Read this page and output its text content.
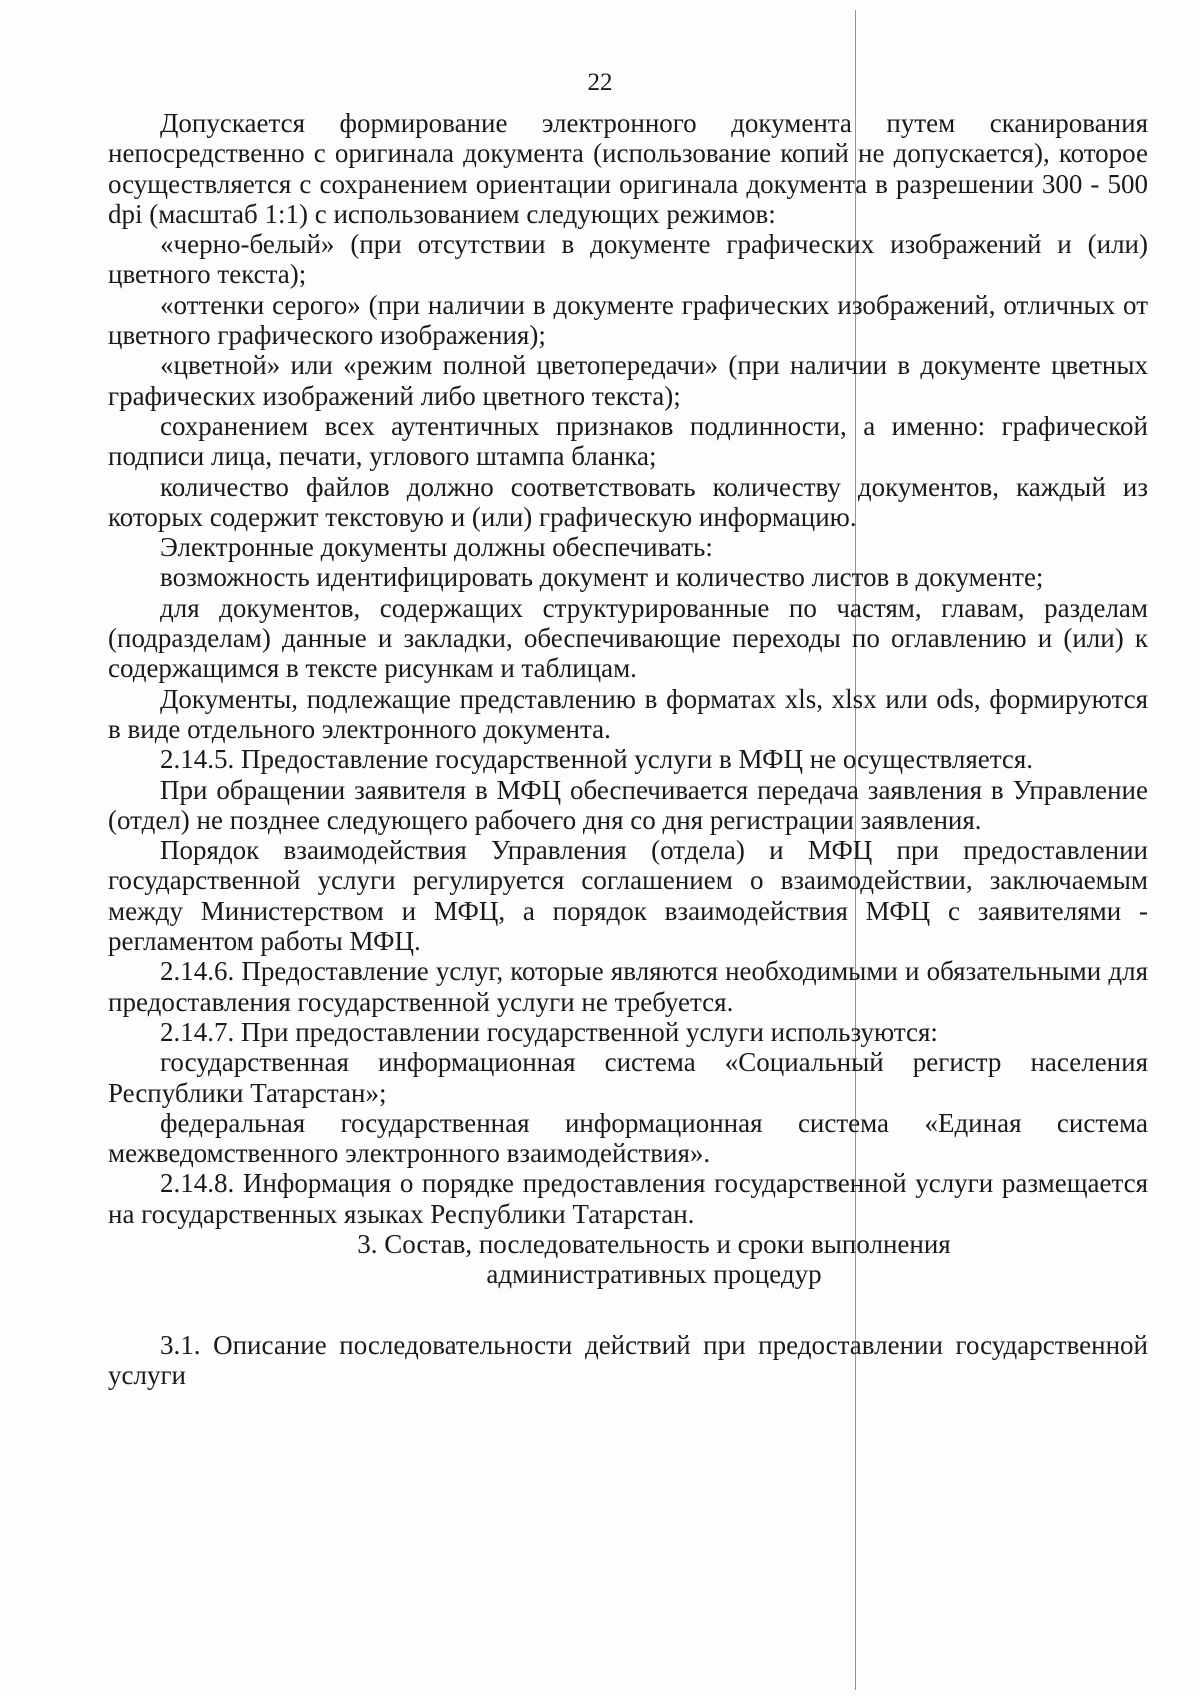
22

Допускается формирование электронного документа путем сканирования непосредственно с оригинала документа (использование копий не допускается), которое осуществляется с сохранением ориентации оригинала документа в разрешении 300 - 500 dpi (масштаб 1:1) с использованием следующих режимов:

«черно-белый» (при отсутствии в документе графических изображений и (или) цветного текста);

«оттенки серого» (при наличии в документе графических изображений, отличных от цветного графического изображения);

«цветной» или «режим полной цветопередачи» (при наличии в документе цветных графических изображений либо цветного текста);

сохранением всех аутентичных признаков подлинности, а именно: графической подписи лица, печати, углового штампа бланка;

количество файлов должно соответствовать количеству документов, каждый из которых содержит текстовую и (или) графическую информацию.

Электронные документы должны обеспечивать:

возможность идентифицировать документ и количество листов в документе;

для документов, содержащих структурированные по частям, главам, разделам (подразделам) данные и закладки, обеспечивающие переходы по оглавлению и (или) к содержащимся в тексте рисункам и таблицам.

Документы, подлежащие представлению в форматах xls, xlsx или ods, формируются в виде отдельного электронного документа.

2.14.5. Предоставление государственной услуги в МФЦ не осуществляется.

При обращении заявителя в МФЦ обеспечивается передача заявления в Управление (отдел) не позднее следующего рабочего дня со дня регистрации заявления.

Порядок взаимодействия Управления (отдела) и МФЦ при предоставлении государственной услуги регулируется соглашением о взаимодействии, заключаемым между Министерством и МФЦ, а порядок взаимодействия МФЦ с заявителями - регламентом работы МФЦ.

2.14.6. Предоставление услуг, которые являются необходимыми и обязательными для предоставления государственной услуги не требуется.

2.14.7. При предоставлении государственной услуги используются:

государственная информационная система «Социальный регистр населения Республики Татарстан»;

федеральная государственная информационная система «Единая система межведомственного электронного взаимодействия».

2.14.8. Информация о порядке предоставления государственной услуги размещается на государственных языках Республики Татарстан.

3. Состав, последовательность и сроки выполнения
административных процедур

3.1. Описание последовательности действий при предоставлении государственной услуги
